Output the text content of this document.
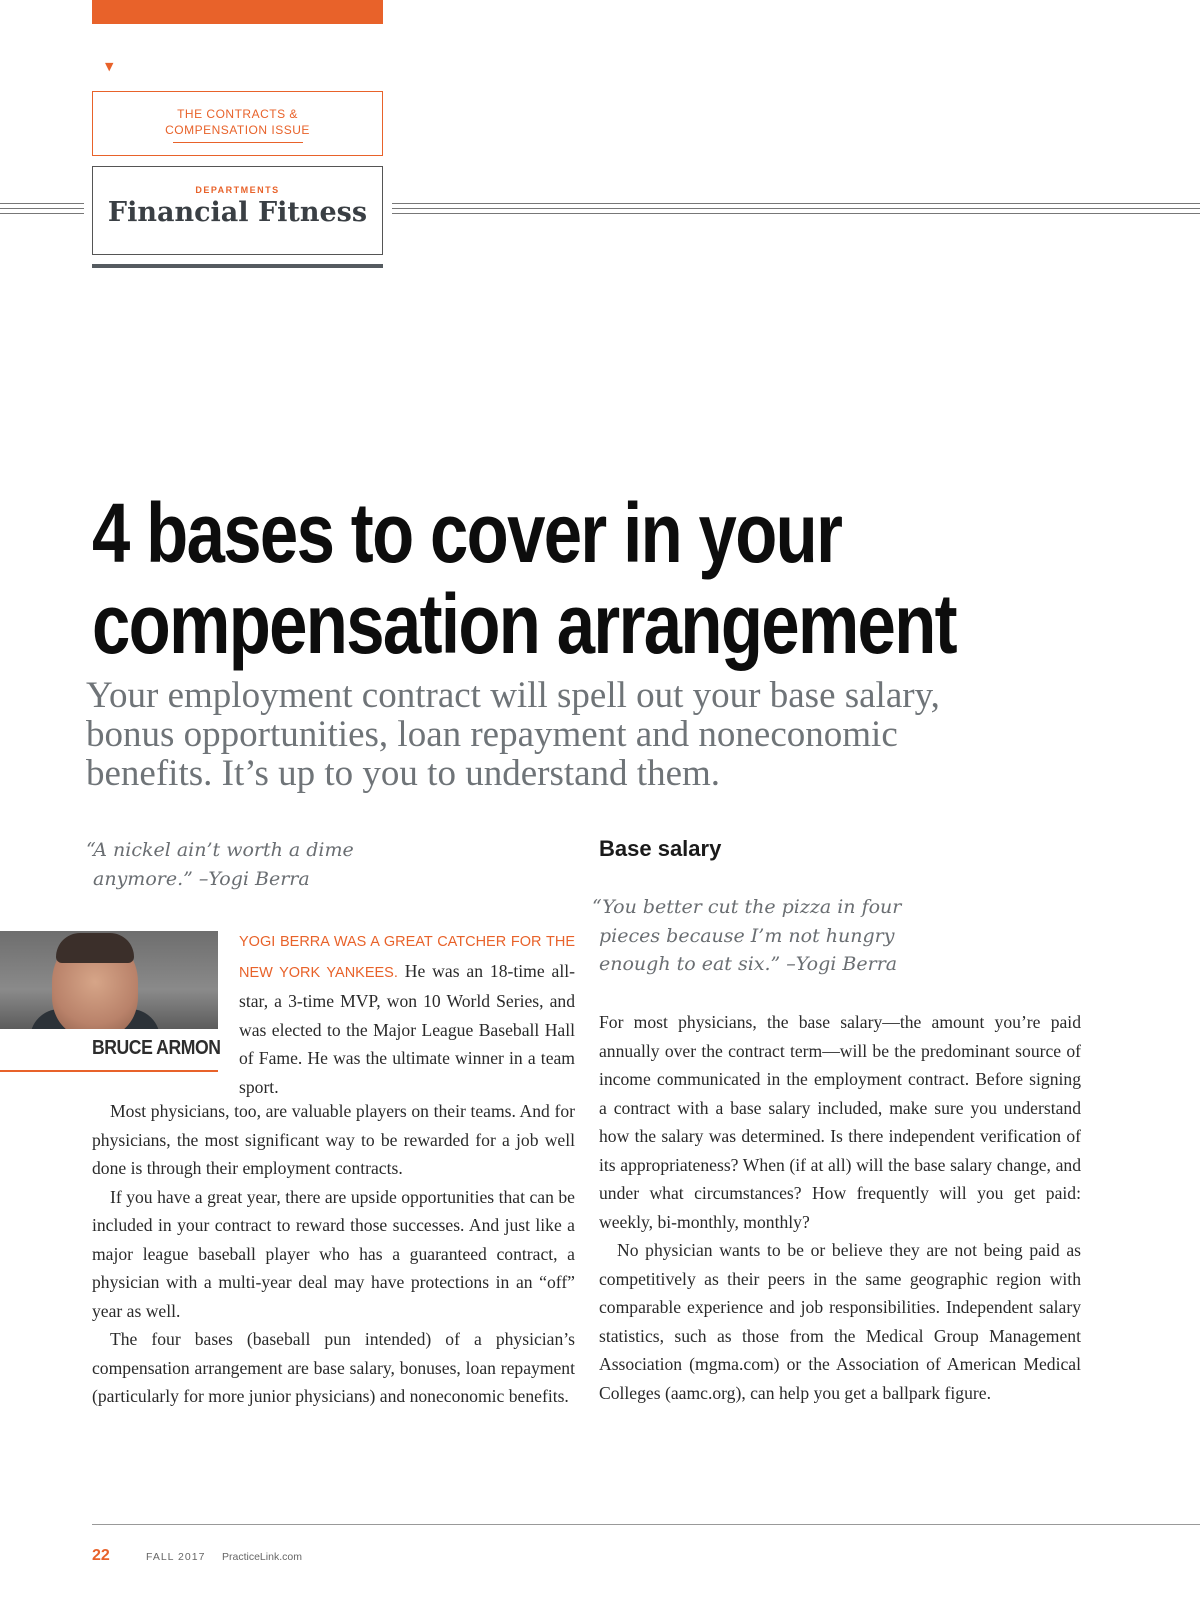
▼
THE CONTRACTS &
COMPENSATION ISSUE
DEPARTMENTS
Financial Fitness
4 bases to cover in your
compensation arrangement
Your employment contract will spell out your base salary, bonus opportunities, loan repayment and noneconomic benefits. It’s up to you to understand them.
“A nickel ain’t worth a dime
anymore.” –Yogi Berra
BRUCE ARMON

YOGI BERRA WAS A GREAT CATCHER FOR THE NEW YORK YANKEES. He was an 18-time all-star, a 3-time MVP, won 10 World Series, and was elected to the Major League Baseball Hall of Fame. He was the ultimate winner in a team sport.

Most physicians, too, are valuable players on their teams. And for physicians, the most significant way to be rewarded for a job well done is through their employment contracts.

If you have a great year, there are upside opportunities that can be included in your contract to reward those successes. And just like a major league baseball player who has a guaranteed contract, a physician with a multi-year deal may have protections in an “off” year as well.

The four bases (baseball pun intended) of a physician’s compensation arrangement are base salary, bonuses, loan repayment (particularly for more junior physicians) and noneconomic benefits.

Base salary
“You better cut the pizza in four
pieces because I’m not hungry
enough to eat six.” –Yogi Berra

For most physicians, the base salary—the amount you’re paid annually over the contract term—will be the predominant source of income communicated in the employment contract. Before signing a contract with a base salary included, make sure you understand how the salary was determined. Is there independent verification of its appropriateness? When (if at all) will the base salary change, and under what circumstances? How frequently will you get paid: weekly, bi-monthly, monthly?

No physician wants to be or believe they are not being paid as competitively as their peers in the same geographic region with comparable experience and job responsibilities. Independent salary statistics, such as those from the Medical Group Management Association (mgma.com) or the Association of American Medical Colleges (aamc.org), can help you get a ballpark figure.

22	FALL 2017 PracticeLink.com
